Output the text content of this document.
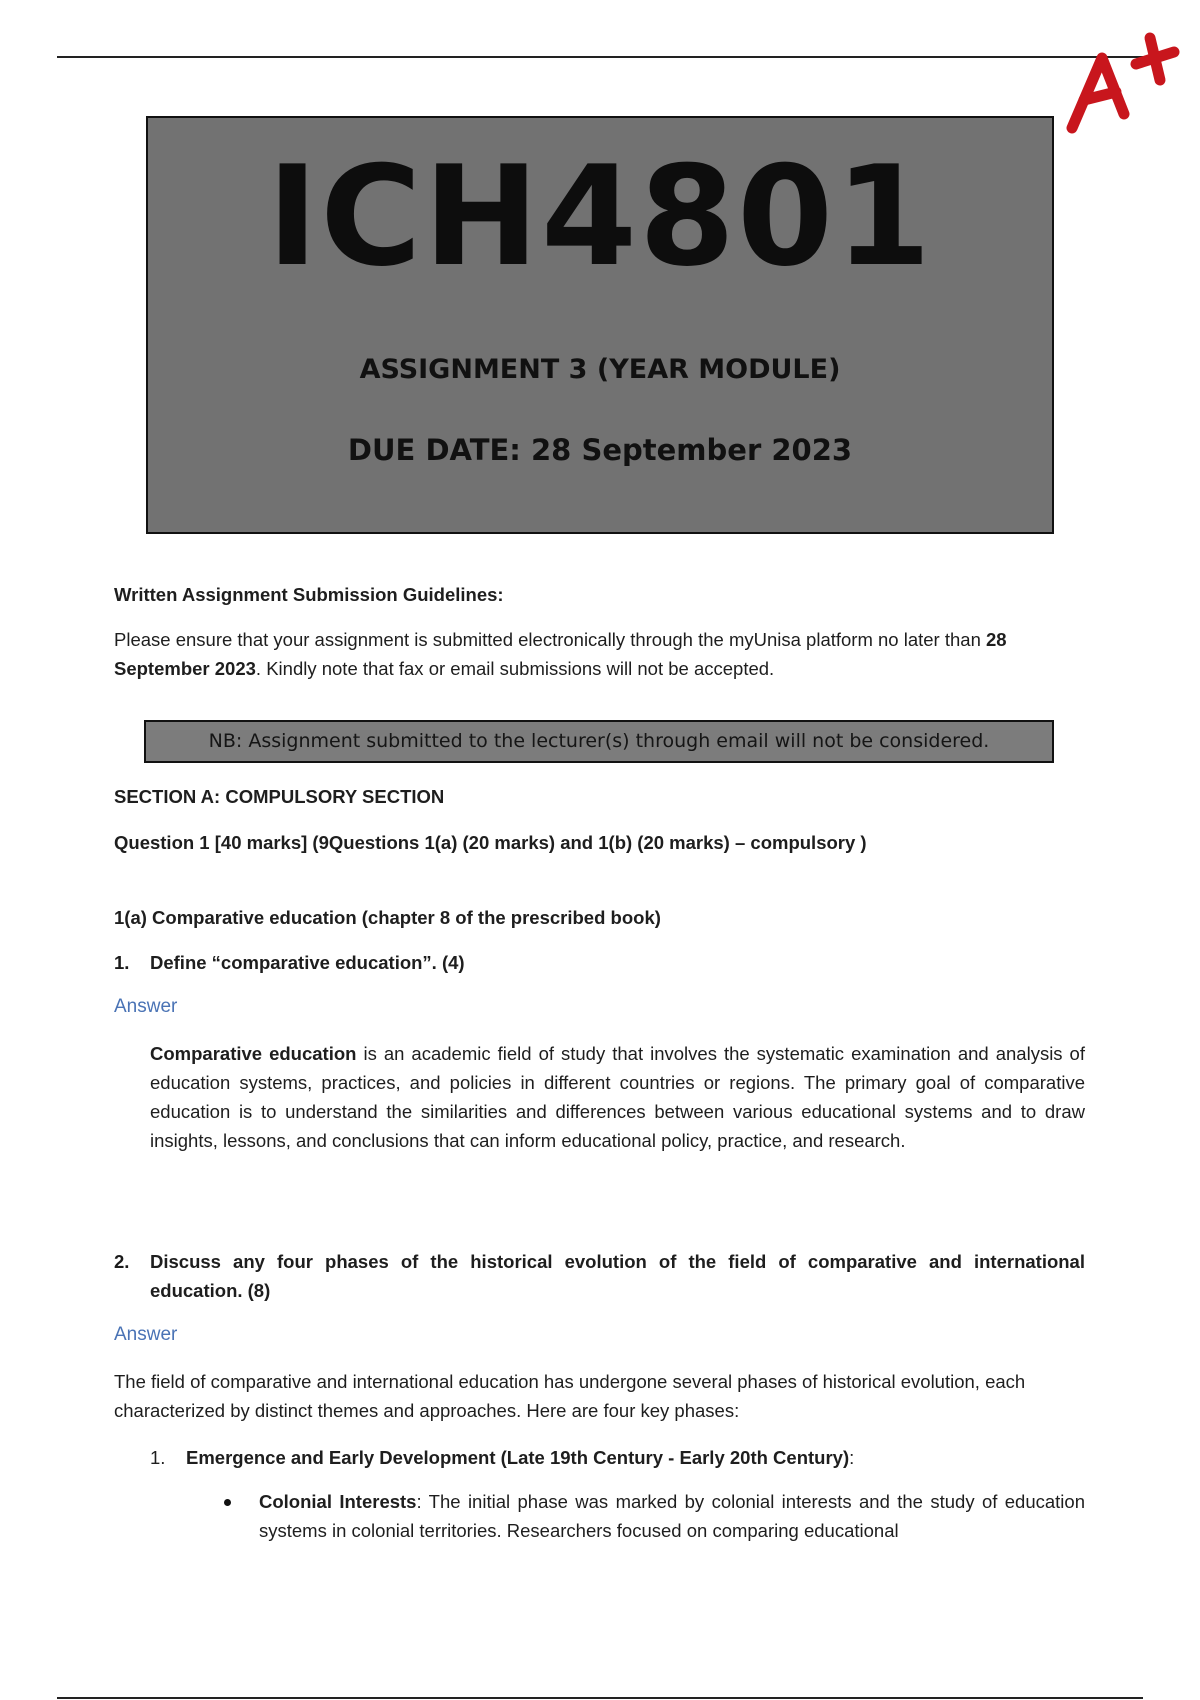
ICH4801
ASSIGNMENT 3 (YEAR MODULE)
DUE DATE: 28 September 2023
Written Assignment Submission Guidelines:
Please ensure that your assignment is submitted electronically through the myUnisa platform no later than 28 September 2023. Kindly note that fax or email submissions will not be accepted.
NB: Assignment submitted to the lecturer(s) through email will not be considered.
SECTION A: COMPULSORY SECTION
Question 1 [40 marks] (9Questions 1(a) (20 marks) and 1(b) (20 marks) – compulsory )
1(a) Comparative education (chapter 8 of the prescribed book)
1. Define “comparative education”. (4)
Answer
Comparative education is an academic field of study that involves the systematic examination and analysis of education systems, practices, and policies in different countries or regions. The primary goal of comparative education is to understand the similarities and differences between various educational systems and to draw insights, lessons, and conclusions that can inform educational policy, practice, and research.
2. Discuss any four phases of the historical evolution of the field of comparative and international education. (8)
Answer
The field of comparative and international education has undergone several phases of historical evolution, each characterized by distinct themes and approaches. Here are four key phases:
1. Emergence and Early Development (Late 19th Century - Early 20th Century):
Colonial Interests: The initial phase was marked by colonial interests and the study of education systems in colonial territories. Researchers focused on comparing educational
